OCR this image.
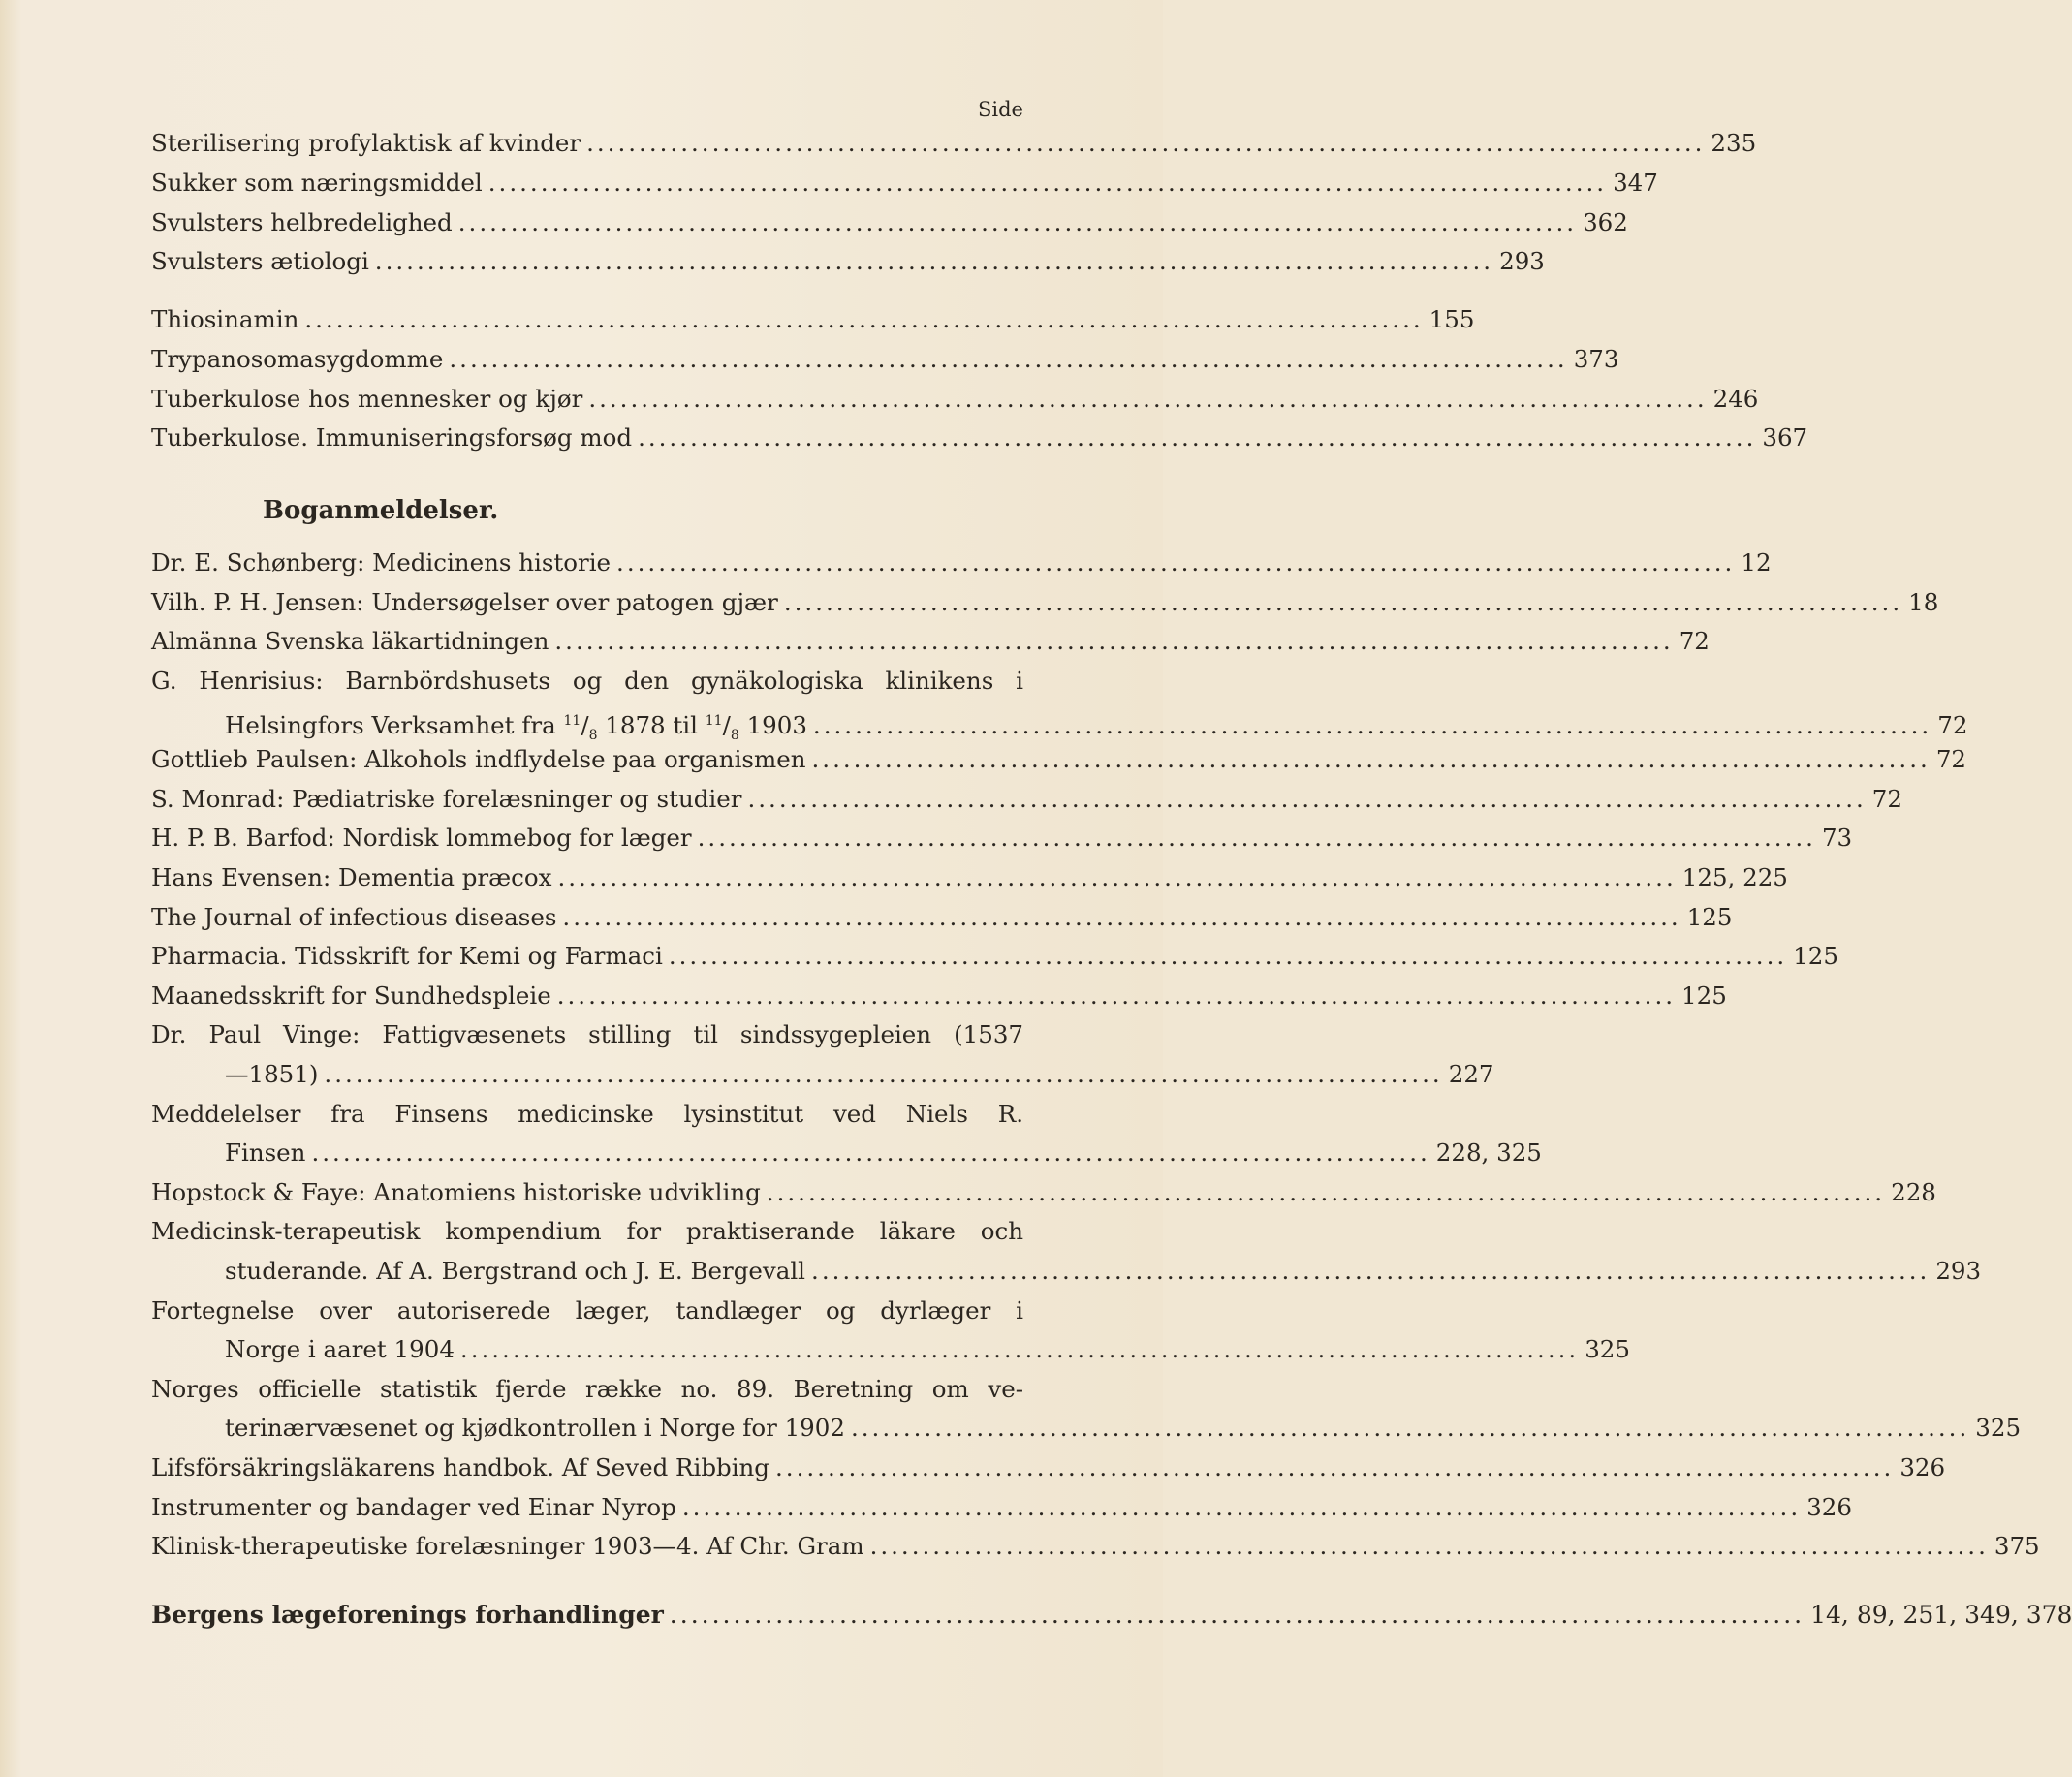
Side
Sterilisering profylaktisk af kvinder ........................................................................................................... 235
Sukker som næringsmiddel ........................................................................................................... 347
Svulsters helbredelighed ........................................................................................................... 362
Svulsters ætiologi ........................................................................................................... 293
Thiosinamin ........................................................................................................... 155
Trypanosomasygdomme ........................................................................................................... 373
Tuberkulose hos mennesker og kjør ........................................................................................................... 246
Tuberkulose. Immuniseringsforsøg mod ........................................................................................................... 367
Boganmeldelser.
Dr. E. Schønberg: Medicinens historie ........................................................................................................... 12
Vilh. P. H. Jensen: Undersøgelser over patogen gjær ........................................................................................................... 18
Almänna Svenska läkartidningen ........................................................................................................... 72
G. Henrisius: Barnbördshusets og den gynäkologiska klinikens i
Helsingfors Verksamhet fra $^{11}/_8$ 1878 til $^{11}/_8$ 1903 ........................................................................................................... 72
Gottlieb Paulsen: Alkohols indflydelse paa organismen ........................................................................................................... 72
S. Monrad: Pædiatriske forelæsninger og studier ........................................................................................................... 72
H. P. B. Barfod: Nordisk lommebog for læger ........................................................................................................... 73
Hans Evensen: Dementia præcox ........................................................................................................... 125, 225
The Journal of infectious diseases ........................................................................................................... 125
Pharmacia. Tidsskrift for Kemi og Farmaci ........................................................................................................... 125
Maanedsskrift for Sundhedspleie ........................................................................................................... 125
Dr. Paul Vinge: Fattigvæsenets stilling til sindssygepleien (1537
—1851) ........................................................................................................... 227
Meddelelser fra Finsens medicinske lysinstitut ved Niels R.
Finsen ........................................................................................................... 228, 325
Hopstock & Faye: Anatomiens historiske udvikling ........................................................................................................... 228
Medicinsk-terapeutisk kompendium for praktiserande läkare och
studerande. Af A. Bergstrand och J. E. Bergevall ........................................................................................................... 293
Fortegnelse over autoriserede læger, tandlæger og dyrlæger i
Norge i aaret 1904 ........................................................................................................... 325
Norges officielle statistik fjerde række no. 89. Beretning om ve-
terinærvæsenet og kjødkontrollen i Norge for 1902 ........................................................................................................... 325
Lifsförsäkringsläkarens handbok. Af Seved Ribbing ........................................................................................................... 326
Instrumenter og bandager ved Einar Nyrop ........................................................................................................... 326
Klinisk-therapeutiske forelæsninger 1903—4. Af Chr. Gram ........................................................................................................... 375
Bergens lægeforenings forhandlinger ........................................................................................................... 14, 89, 251, 349, 378
